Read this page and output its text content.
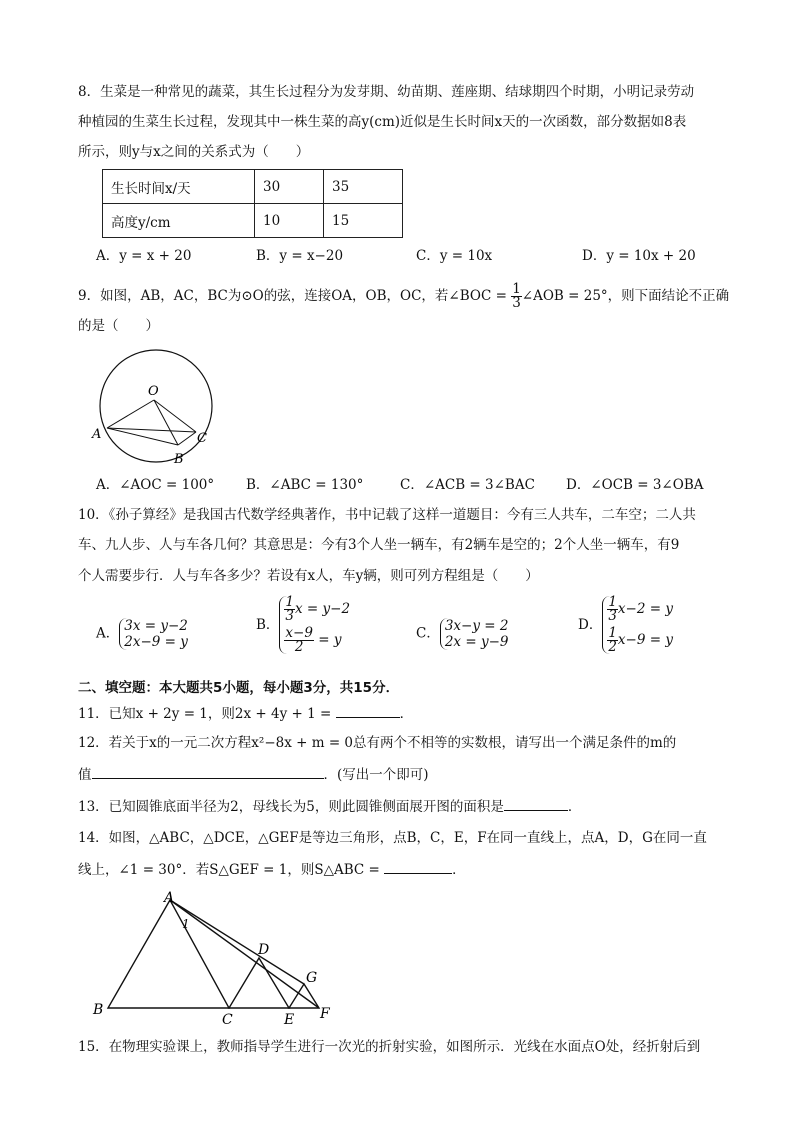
8．生菜是一种常见的蔬菜，其生长过程分为发芽期、幼苗期、莲座期、结球期四个时期，小明记录劳动
种植园的生菜生长过程，发现其中一株生菜的高y(cm)近似是生长时间x天的一次函数，部分数据如8表
所示，则y与x之间的关系式为（　　）
生长时间x/天	30	35
高度y/cm	10	15
A．y = x + 20	B．y = x−20	C．y = 10x	D．y = 10x + 20
9．如图，AB，AC，BC为⊙O的弦，连接OA，OB，OC，若∠BOC = $\frac{1}{3}$ ∠AOB = 25°，则下面结论不正确
的是（　　）
O
A
B
C
A．∠AOC = 100° B．∠ABC = 130°	C．∠ACB = 3∠BAC D．∠OCB = 3∠OBA
10．《孙子算经》是我国古代数学经典著作，书中记载了这样一道题目：今有三人共车，二车空；二人共
车、九人步、人与车各几何？其意思是：今有3个人坐一辆车，有2辆车是空的；2个人坐一辆车，有9
个人需要步行．人与车各多少？若设有x人，车y辆，则可列方程组是（　　）
A． 3x = y−2
2x−9 = y
B．
$\frac{1}{3}$ x = y−2
$\frac{x-9}{2} = y$	C． 3x−y = 2
2x = y−9
D．
$\frac{1}{3} x-2 = y$
$\frac{1}{2} x-9 = y$
二、填空题：本大题共5小题，每小题3分，共15分．
11．已知x + 2y = 1，则2x + 4y + 1 =	．
12．若关于x的一元二次方程x²−8x + m = 0总有两个不相等的实数根，请写出一个满足条件的m的
值	．(写出一个即可)
13．已知圆锥底面半径为2，母线长为5，则此圆锥侧面展开图的面积是	．
14．如图，△ABC，△DCE，△GEF是等边三角形，点B，C，E，F在同一直线上，点A，D，G在同一直
线上，∠1 = 30°．若S△GEF = 1，则S△ABC =	．
A
1
D
G
B
C	E F
15．在物理实验课上，教师指导学生进行一次光的折射实验，如图所示．光线在水面点O处，经折射后到
